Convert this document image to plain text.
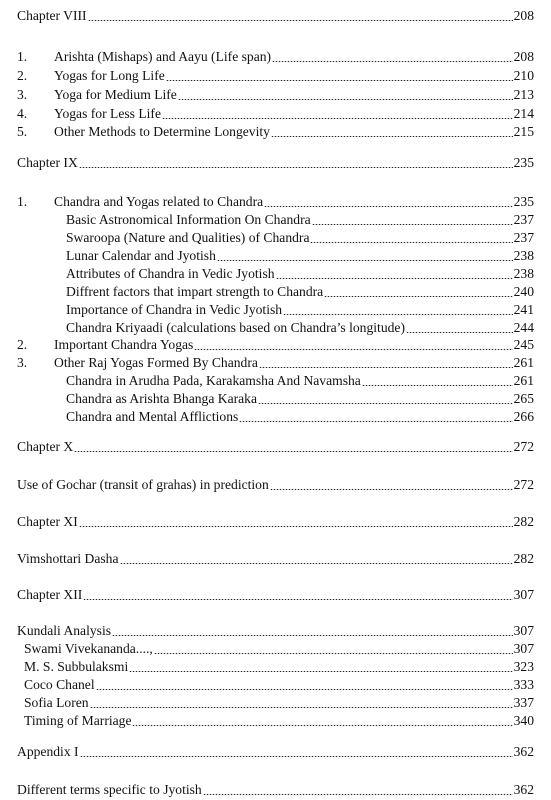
Chapter VIII	208
1.	Arishta (Mishaps) and Aayu (Life span)	208
2.	Yogas for Long Life	210
3.	Yoga for Medium Life	213
4.	Yogas for Less Life	214
5.	Other Methods to Determine Longevity	215
Chapter IX	235
1.	Chandra and Yogas related to Chandra	235
Basic Astronomical Information On Chandra	237
Swaroopa (Nature and Qualities) of Chandra	237
Lunar Calendar and Jyotish	238
Attributes of Chandra in Vedic Jyotish	238
Diffrent factors that impart strength to Chandra	240
Importance of Chandra in Vedic Jyotish	241
Chandra Kriyaadi (calculations based on Chandra’s longitude)	244
2.	Important Chandra Yogas	245
3.	Other Raj Yogas Formed By Chandra	261
Chandra in Arudha Pada, Karakamsha And Navamsha	261
Chandra as Arishta Bhanga Karaka	265
Chandra and Mental Afflictions	266
Chapter X	272
Use of Gochar (transit of grahas) in prediction	272
Chapter XI	282
Vimshottari Dasha	282
Chapter XII	307
Kundali Analysis	307
Swami Vivekananda....,	307
M. S. Subbulaksmi	323
Coco Chanel	333
Sofia Loren	337
Timing of Marriage	340
Appendix I	362
Different terms specific to Jyotish	362
